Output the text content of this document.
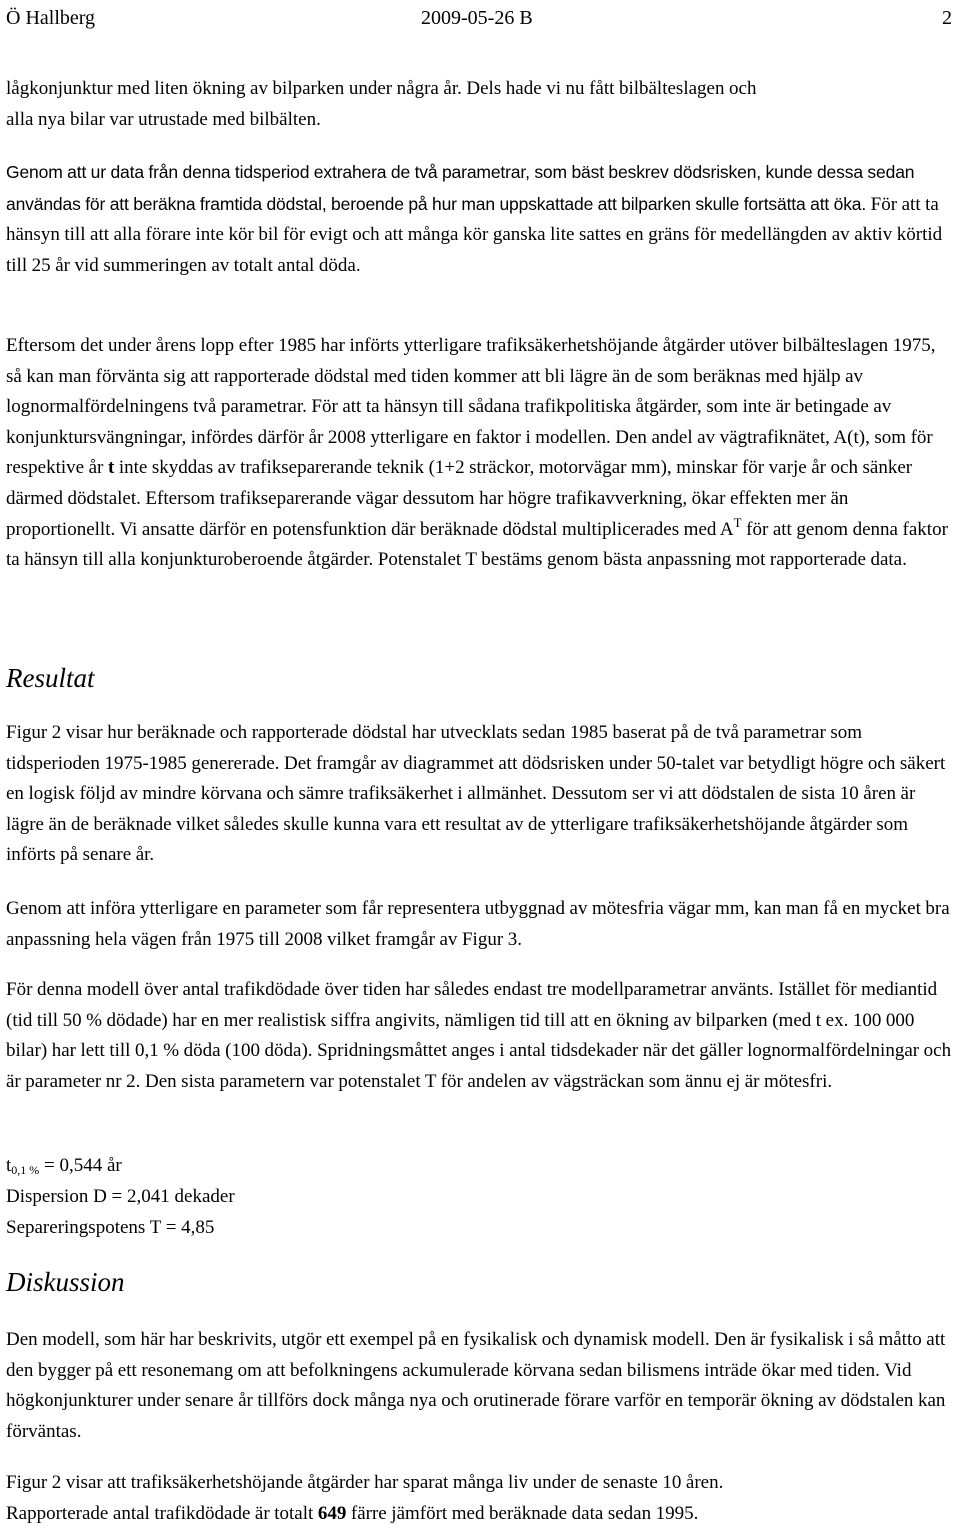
Ö Hallberg	2009-05-26 B	2

lågkonjunktur med liten ökning av bilparken under några år. Dels hade vi nu fått bilbälteslagen och
alla nya bilar var utrustade med bilbälten.

Genom att ur data från denna tidsperiod extrahera de två parametrar, som bäst beskrev dödsrisken, kunde dessa sedan användas för att beräkna framtida dödstal, beroende på hur man uppskattade att bilparken skulle fortsätta att öka. För att ta hänsyn till att alla förare inte kör bil för evigt och att många kör ganska lite sattes en gräns för medellängden av aktiv körtid till 25 år vid summeringen av totalt antal döda.

Eftersom det under årens lopp efter 1985 har införts ytterligare trafiksäkerhetshöjande åtgärder utöver bilbälteslagen 1975, så kan man förvänta sig att rapporterade dödstal med tiden kommer att bli lägre än de som beräknas med hjälp av lognormalfördelningens två parametrar. För att ta hänsyn till sådana trafikpolitiska åtgärder, som inte är betingade av konjunktursvängningar, infördes därför år 2008 ytterligare en faktor i modellen. Den andel av vägtrafiknätet, A(t), som för respektive år t inte skyddas av trafikseparerande teknik (1+2 sträckor, motorvägar mm), minskar för varje år och sänker därmed dödstalet. Eftersom trafikseparerande vägar dessutom har högre trafikavverkning, ökar effekten mer än proportionellt. Vi ansatte därför en potensfunktion där beräknade dödstal multiplicerades med $A^T$ för att genom denna faktor ta hänsyn till alla konjunkturoberoende åtgärder. Potenstalet T bestäms genom bästa anpassning mot rapporterade data.

Resultat

Figur 2 visar hur beräknade och rapporterade dödstal har utvecklats sedan 1985 baserat på de två parametrar som tidsperioden 1975-1985 genererade. Det framgår av diagrammet att dödsrisken under 50-talet var betydligt högre och säkert en logisk följd av mindre körvana och sämre trafiksäkerhet i allmänhet. Dessutom ser vi att dödstalen de sista 10 åren är lägre än de beräknade vilket således skulle kunna vara ett resultat av de ytterligare trafiksäkerhetshöjande åtgärder som införts på senare år.

Genom att införa ytterligare en parameter som får representera utbyggnad av mötesfria vägar mm, kan man få en mycket bra anpassning hela vägen från 1975 till 2008 vilket framgår av Figur 3.

För denna modell över antal trafikdödade över tiden har således endast tre modellparametrar använts. Istället för mediantid (tid till 50 % dödade) har en mer realistisk siffra angivits, nämligen tid till att en ökning av bilparken (med t ex. 100 000 bilar) har lett till 0,1 % döda (100 döda). Spridningsmåttet anges i antal tidsdekader när det gäller lognormalfördelningar och är parameter nr 2. Den sista parametern var potenstalet T för andelen av vägsträckan som ännu ej är mötesfri.

$t_{0,1 \%} = 0,544$ år
Dispersion D = 2,041 dekader
Separeringspotens T = 4,85
Diskussion

Den modell, som här har beskrivits, utgör ett exempel på en fysikalisk och dynamisk modell. Den är fysikalisk i så måtto att den bygger på ett resonemang om att befolkningens ackumulerade körvana sedan bilismens inträde ökar med tiden. Vid högkonjunkturer under senare år tillförs dock många nya och orutinerade förare varför en temporär ökning av dödstalen kan förväntas.

Figur 2 visar att trafiksäkerhetshöjande åtgärder har sparat många liv under de senaste 10 åren.
Rapporterade antal trafikdödade är totalt 649 färre jämfört med beräknade data sedan 1995.
